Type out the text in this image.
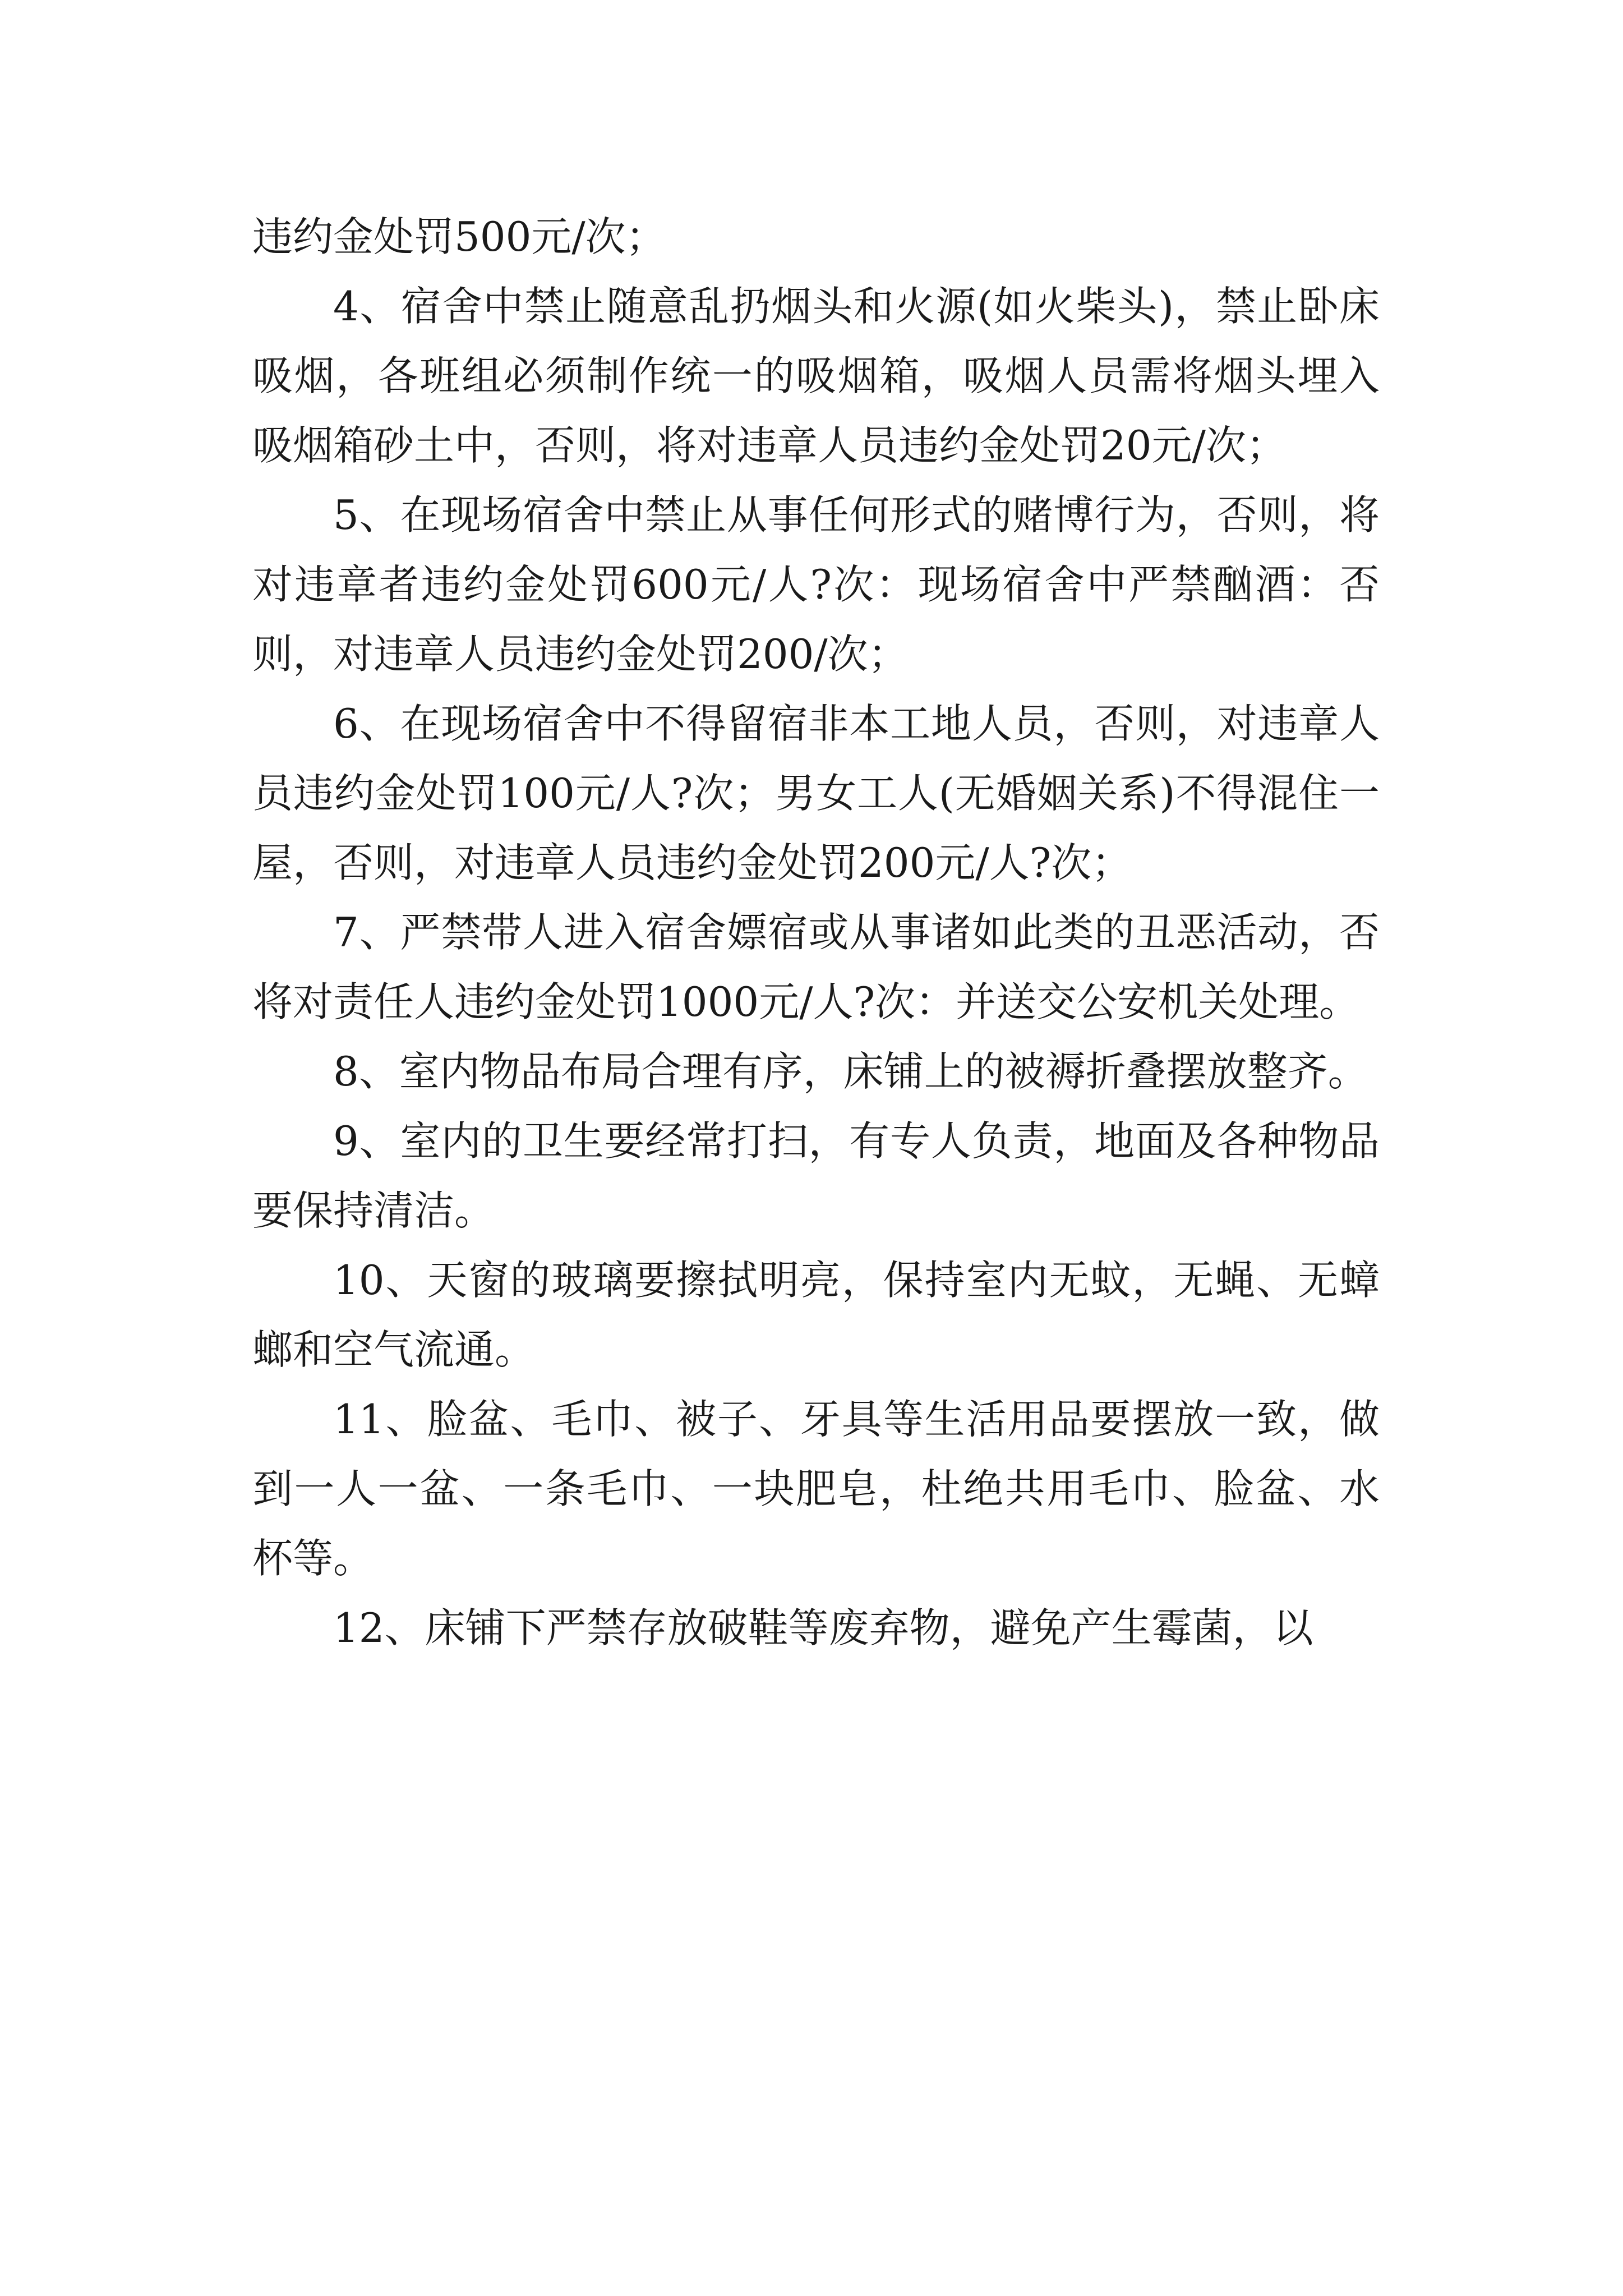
违约金处罚500元/次；

4、宿舍中禁止随意乱扔烟头和火源(如火柴头)，禁止卧床吸烟，各班组必须制作统一的吸烟箱，吸烟人员需将烟头埋入吸烟箱砂土中，否则，将对违章人员违约金处罚20元/次；

5、在现场宿舍中禁止从事任何形式的赌博行为，否则，将对违章者违约金处罚600元/人?次：现场宿舍中严禁酗酒：否则，对违章人员违约金处罚200/次；

6、在现场宿舍中不得留宿非本工地人员，否则，对违章人员违约金处罚100元/人?次；男女工人(无婚姻关系)不得混住一屋，否则，对违章人员违约金处罚200元/人?次；

7、严禁带人进入宿舍嫖宿或从事诸如此类的丑恶活动，否将对责任人违约金处罚1000元/人?次：并送交公安机关处理。

8、室内物品布局合理有序，床铺上的被褥折叠摆放整齐。

9、室内的卫生要经常打扫，有专人负责，地面及各种物品要保持清洁。

10、天窗的玻璃要擦拭明亮，保持室内无蚊，无蝇、无蟑螂和空气流通。

11、脸盆、毛巾、被子、牙具等生活用品要摆放一致，做到一人一盆、一条毛巾、一块肥皂，杜绝共用毛巾、脸盆、水杯等。

12、床铺下严禁存放破鞋等废弃物，避免产生霉菌，以
